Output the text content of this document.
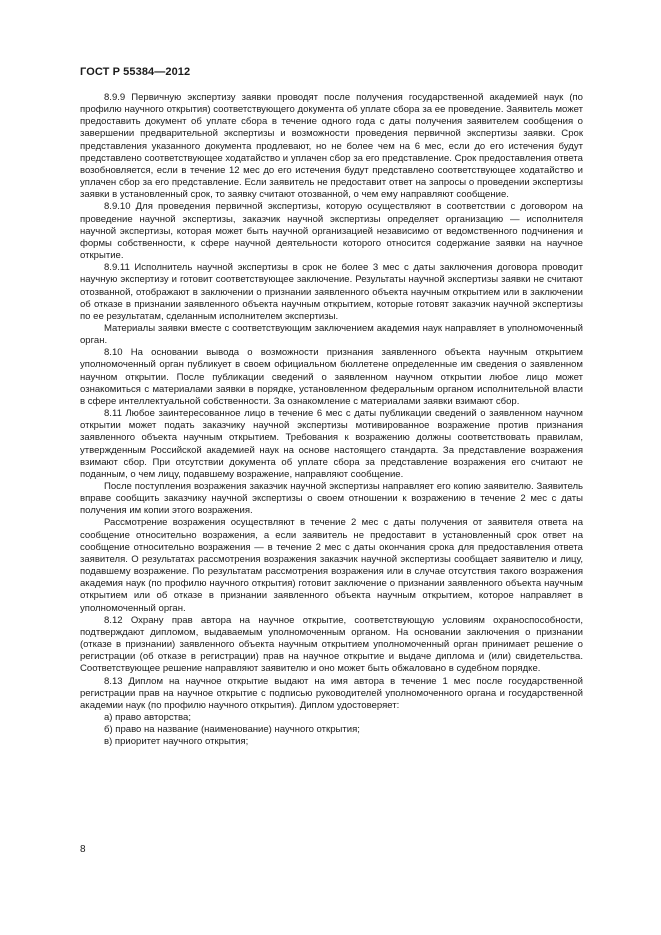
ГОСТ Р 55384—2012

8.9.9 Первичную экспертизу заявки проводят после получения государственной академией наук (по профилю научного открытия) соответствующего документа об уплате сбора за ее проведение. Заявитель может предоставить документ об уплате сбора в течение одного года с даты получения заявителем сообщения о завершении предварительной экспертизы и возможности проведения первичной экспертизы заявки. Срок представления указанного документа продлевают, но не более чем на 6 мес, если до его истечения будут представлено соответствующее ходатайство и уплачен сбор за его представление. Срок предоставления ответа возобновляется, если в течение 12 мес до его истечения будут представлено соответствующее ходатайство и уплачен сбор за его представление. Если заявитель не предоставит ответ на запросы о проведении экспертизы заявки в установленный срок, то заявку считают отозванной, о чем ему направляют сообщение.

8.9.10 Для проведения первичной экспертизы, которую осуществляют в соответствии с договором на проведение научной экспертизы, заказчик научной экспертизы определяет организацию — исполнителя научной экспертизы, которая может быть научной организацией независимо от ведомственного подчинения и формы собственности, к сфере научной деятельности которого относится содержание заявки на научное открытие.

8.9.11 Исполнитель научной экспертизы в срок не более 3 мес с даты заключения договора проводит научную экспертизу и готовит соответствующее заключение. Результаты научной экспертизы заявки не считают отозванной, отображают в заключении о признании заявленного объекта научным открытием или в заключении об отказе в признании заявленного объекта научным открытием, которые готовят заказчик научной экспертизы по ее результатам, сделанным исполнителем экспертизы.

Материалы заявки вместе с соответствующим заключением академия наук направляет в уполномоченный орган.

8.10 На основании вывода о возможности признания заявленного объекта научным открытием уполномоченный орган публикует в своем официальном бюллетене определенные им сведения о заявленном научном открытии. После публикации сведений о заявленном научном открытии любое лицо может ознакомиться с материалами заявки в порядке, установленном федеральным органом исполнительной власти в сфере интеллектуальной собственности. За ознакомление с материалами заявки взимают сбор.

8.11 Любое заинтересованное лицо в течение 6 мес с даты публикации сведений о заявленном научном открытии может подать заказчику научной экспертизы мотивированное возражение против признания заявленного объекта научным открытием. Требования к возражению должны соответствовать правилам, утвержденным Российской академией наук на основе настоящего стандарта. За представление возражения взимают сбор. При отсутствии документа об уплате сбора за представление возражения его считают не поданным, о чем лицу, подавшему возражение, направляют сообщение.

После поступления возражения заказчик научной экспертизы направляет его копию заявителю. Заявитель вправе сообщить заказчику научной экспертизы о своем отношении к возражению в течение 2 мес с даты получения им копии этого возражения.

Рассмотрение возражения осуществляют в течение 2 мес с даты получения от заявителя ответа на сообщение относительно возражения, а если заявитель не предоставит в установленный срок ответ на сообщение относительно возражения — в течение 2 мес с даты окончания срока для предоставления ответа заявителя. О результатах рассмотрения возражения заказчик научной экспертизы сообщает заявителю и лицу, подавшему возражение. По результатам рассмотрения возражения или в случае отсутствия такого возражения академия наук (по профилю научного открытия) готовит заключение о признании заявленного объекта научным открытием или об отказе в признании заявленного объекта научным открытием, которое направляет в уполномоченный орган.

8.12 Охрану прав автора на научное открытие, соответствующую условиям охраноспособности, подтверждают дипломом, выдаваемым уполномоченным органом. На основании заключения о признании (отказе в признании) заявленного объекта научным открытием уполномоченный орган принимает решение о регистрации (об отказе в регистрации) прав на научное открытие и выдаче диплома и (или) свидетельства. Соответствующее решение направляют заявителю и оно может быть обжаловано в судебном порядке.

8.13 Диплом на научное открытие выдают на имя автора в течение 1 мес после государственной регистрации прав на научное открытие с подписью руководителей уполномоченного органа и государственной академии наук (по профилю научного открытия). Диплом удостоверяет:

а) право авторства;

б) право на название (наименование) научного открытия;

в) приоритет научного открытия;

8
